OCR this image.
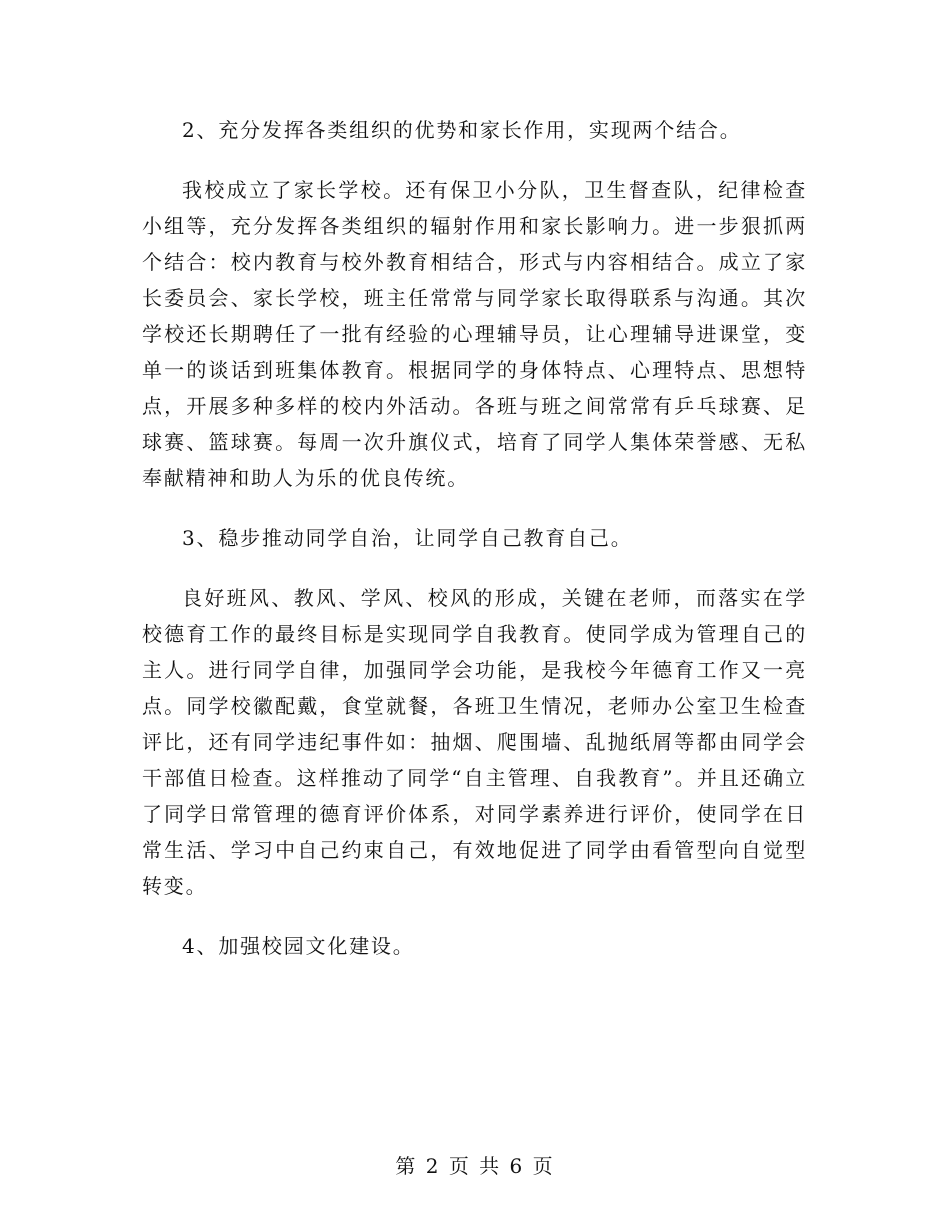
2、充分发挥各类组织的优势和家长作用，实现两个结合。

我校成立了家长学校。还有保卫小分队，卫生督查队，纪律检查小组等，充分发挥各类组织的辐射作用和家长影响力。进一步狠抓两个结合：校内教育与校外教育相结合，形式与内容相结合。成立了家长委员会、家长学校，班主任常常与同学家长取得联系与沟通。其次学校还长期聘任了一批有经验的心理辅导员，让心理辅导进课堂，变单一的谈话到班集体教育。根据同学的身体特点、心理特点、思想特点，开展多种多样的校内外活动。各班与班之间常常有乒乓球赛、足球赛、篮球赛。每周一次升旗仪式，培育了同学人集体荣誉感、无私奉献精神和助人为乐的优良传统。

3、稳步推动同学自治，让同学自己教育自己。

良好班风、教风、学风、校风的形成，关键在老师，而落实在学校德育工作的最终目标是实现同学自我教育。使同学成为管理自己的主人。进行同学自律，加强同学会功能，是我校今年德育工作又一亮点。同学校徽配戴，食堂就餐，各班卫生情况，老师办公室卫生检查评比，还有同学违纪事件如：抽烟、爬围墙、乱抛纸屑等都由同学会干部值日检查。这样推动了同学“自主管理、自我教育”。并且还确立了同学日常管理的德育评价体系，对同学素养进行评价，使同学在日常生活、学习中自己约束自己，有效地促进了同学由看管型向自觉型转变。

4、加强校园文化建设。

第 2 页 共 6 页
